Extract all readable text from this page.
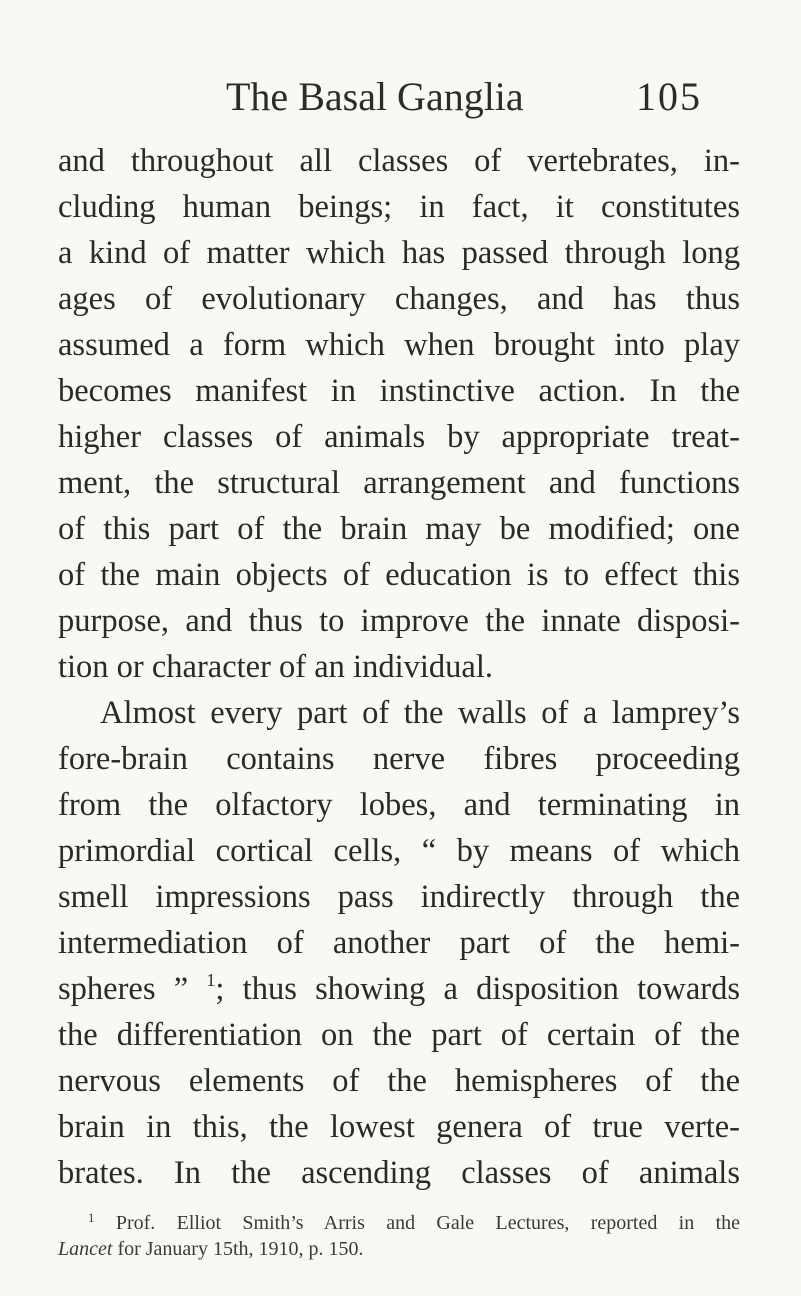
The Basal Ganglia	105
and throughout all classes of vertebrates, in-
cluding human beings; in fact, it constitutes
a kind of matter which has passed through long
ages of evolutionary changes, and has thus
assumed a form which when brought into play
becomes manifest in instinctive action. In the
higher classes of animals by appropriate treat-
ment, the structural arrangement and functions
of this part of the brain may be modified; one
of the main objects of education is to effect this
purpose, and thus to improve the innate disposi-
tion or character of an individual.
Almost every part of the walls of a lamprey’s
fore-brain contains nerve fibres proceeding
from the olfactory lobes, and terminating in
primordial cortical cells, “ by means of which
smell impressions pass indirectly through the
intermediation of another part of the hemi-
spheres ” $^1$; thus showing a disposition towards
the differentiation on the part of certain of the
nervous elements of the hemispheres of the
brain in this, the lowest genera of true verte-
brates. In the ascending classes of animals
$^1$ Prof. Elliot Smith’s Arris and Gale Lectures, reported in the
Lancet for January 15th, 1910, p. 150.
